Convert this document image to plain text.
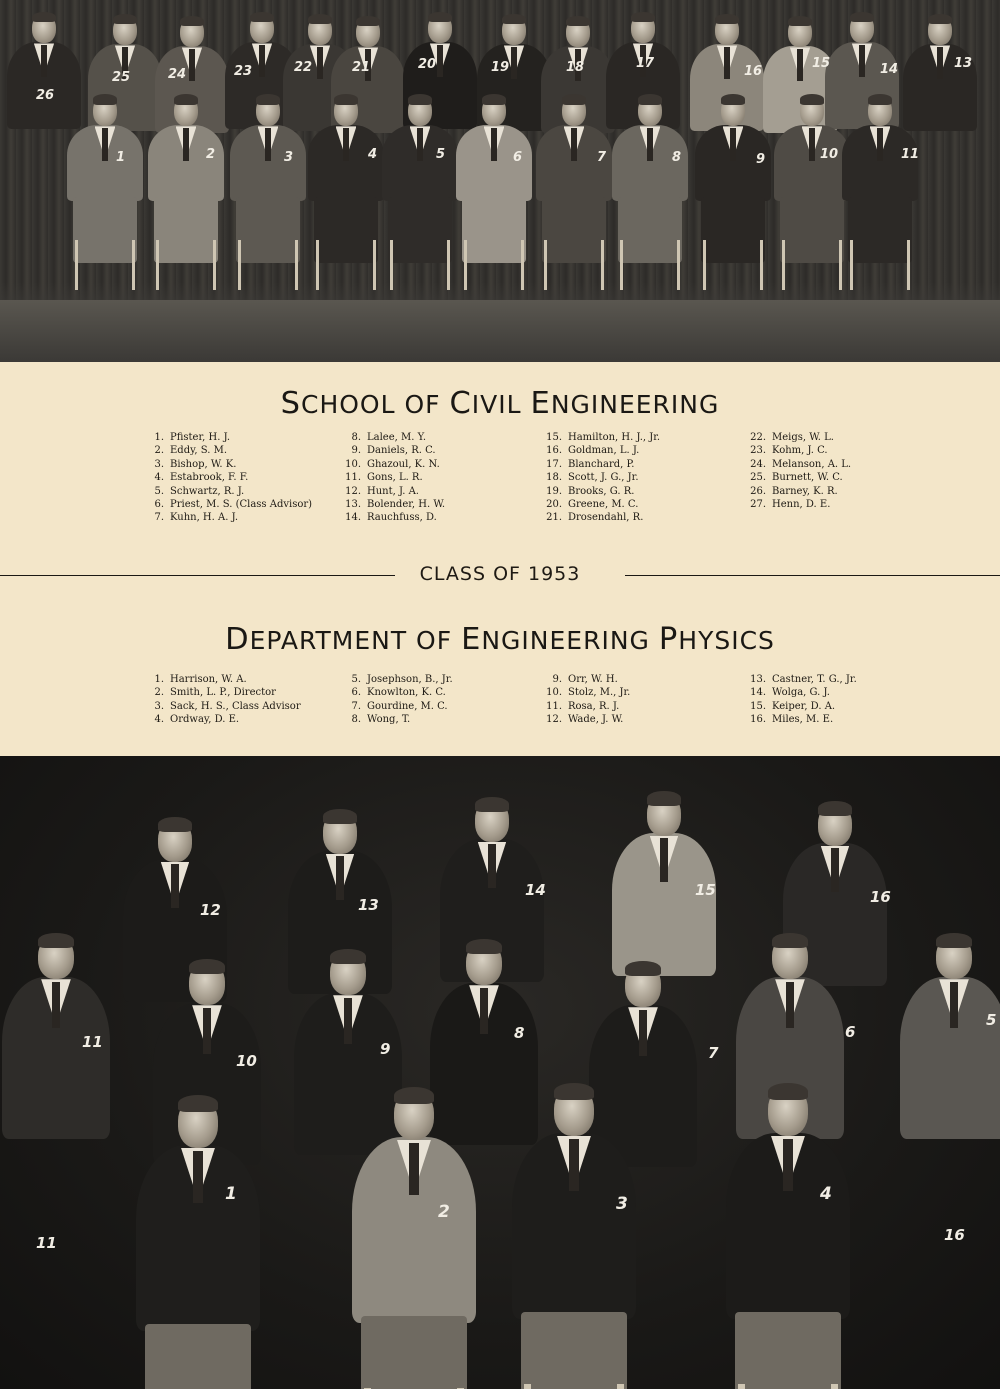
26
25	24	23	22	21	20	19	18	17
16
15	14	13
1	2	3	4	5	6	7	8	9	10	11
SCHOOL OF CIVIL ENGINEERING
1. Pfister, H. J.
2. Eddy, S. M.
3. Bishop, W. K.
4. Estabrook, F. F.
5. Schwartz, R. J.
6. Priest, M. S. (Class Advisor)
7. Kuhn, H. A. J.
8. Lalee, M. Y.
9. Daniels, R. C.
10. Ghazoul, K. N.
11. Gons, L. R.
12. Hunt, J. A.
13. Bolender, H. W.
14. Rauchfuss, D.
15. Hamilton, H. J., Jr.
16. Goldman, L. J.
17. Blanchard, P.
18. Scott, J. G., Jr.
19. Brooks, G. R.
20. Greene, M. C.
21. Drosendahl, R.
22. Meigs, W. L.
23. Kohm, J. C.
24. Melanson, A. L.
25. Burnett, W. C.
26. Barney, K. R.
27. Henn, D. E.
CLASS OF 1953
DEPARTMENT OF ENGINEERING PHYSICS
1. Harrison, W. A.
2. Smith, L. P., Director
3. Sack, H. S., Class Advisor
4. Ordway, D. E.
5. Josephson, B., Jr.
6. Knowlton, K. C.
7. Gourdine, M. C.
8. Wong, T.
9. Orr, W. H.
10. Stolz, M., Jr.
11. Rosa, R. J.
12. Wade, J. W.
13. Castner, T. G., Jr.
14. Wolga, G. J.
15. Keiper, D. A.
16. Miles, M. E.
12	13
14	15	16
11
10
9
8
7
6
5
1
2	3	4
11	16
